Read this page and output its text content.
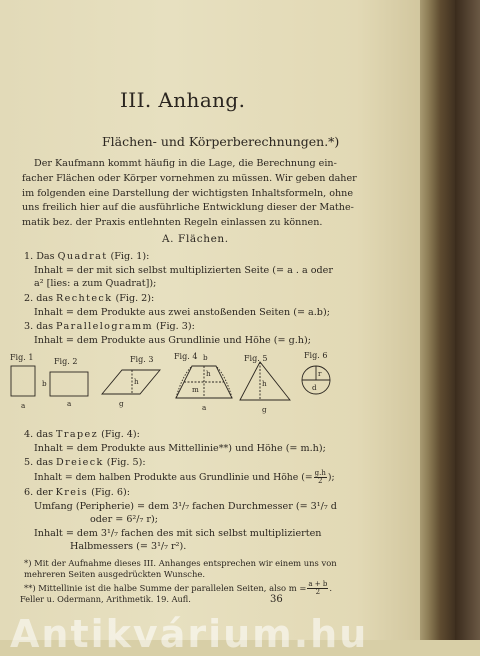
III. Anhang.
Flächen- und Körperberechnungen.*)
Der Kaufmann kommt häufig in die Lage, die Berechnung ein-
facher Flächen oder Körper vornehmen zu müssen. Wir geben daher
im folgenden eine Darstellung der wichtigsten Inhaltsformeln, ohne
uns freilich hier auf die ausführliche Entwicklung dieser der Mathe-
matik bez. der Praxis entlehnten Regeln einlassen zu können.
A. Flächen.
1. Das Quadrat (Fig. 1):
Inhalt = der mit sich selbst multiplizierten Seite (= a . a oder
a² [lies: a zum Quadrat]);
2. das Rechteck (Fig. 2):
Inhalt = dem Produkte aus zwei anstoßenden Seiten (= a.b);
3. das Parallelogramm (Fig. 3):
Inhalt = dem Produkte aus Grundlinie und Höhe (= g.h);
Fig. 1
a
Fig. 2
b
a
Fig. 3
h
g
Fig. 4 b
h
m
a
Fig. 5
h
g
Fig. 6
r
d
4. das Trapez (Fig. 4):
Inhalt = dem Produkte aus Mittellinie**) und Höhe (= m.h);
5. das Dreieck (Fig. 5):
Inhalt = dem halben Produkte aus Grundlinie und Höhe (= $\frac{g.h}{2}$ );
6. der Kreis (Fig. 6):
Umfang (Peripherie) = dem 3¹/₇ fachen Durchmesser (= 3¹/₇ d
oder = 6²/₇ r);
Inhalt = dem 3¹/₇ fachen des mit sich selbst multiplizierten
Halbmessers (= 3¹/₇ r²).
*) Mit der Aufnahme dieses III. Anhanges entsprechen wir einem uns von
mehreren Seiten ausgedrückten Wunsche.
**) Mittellinie ist die halbe Summe der parallelen Seiten, also $m = \frac{a + b}{2}$ .
Feller u. Odermann, Arithmetik. 19. Aufl.	36
Antikvárium.hu
